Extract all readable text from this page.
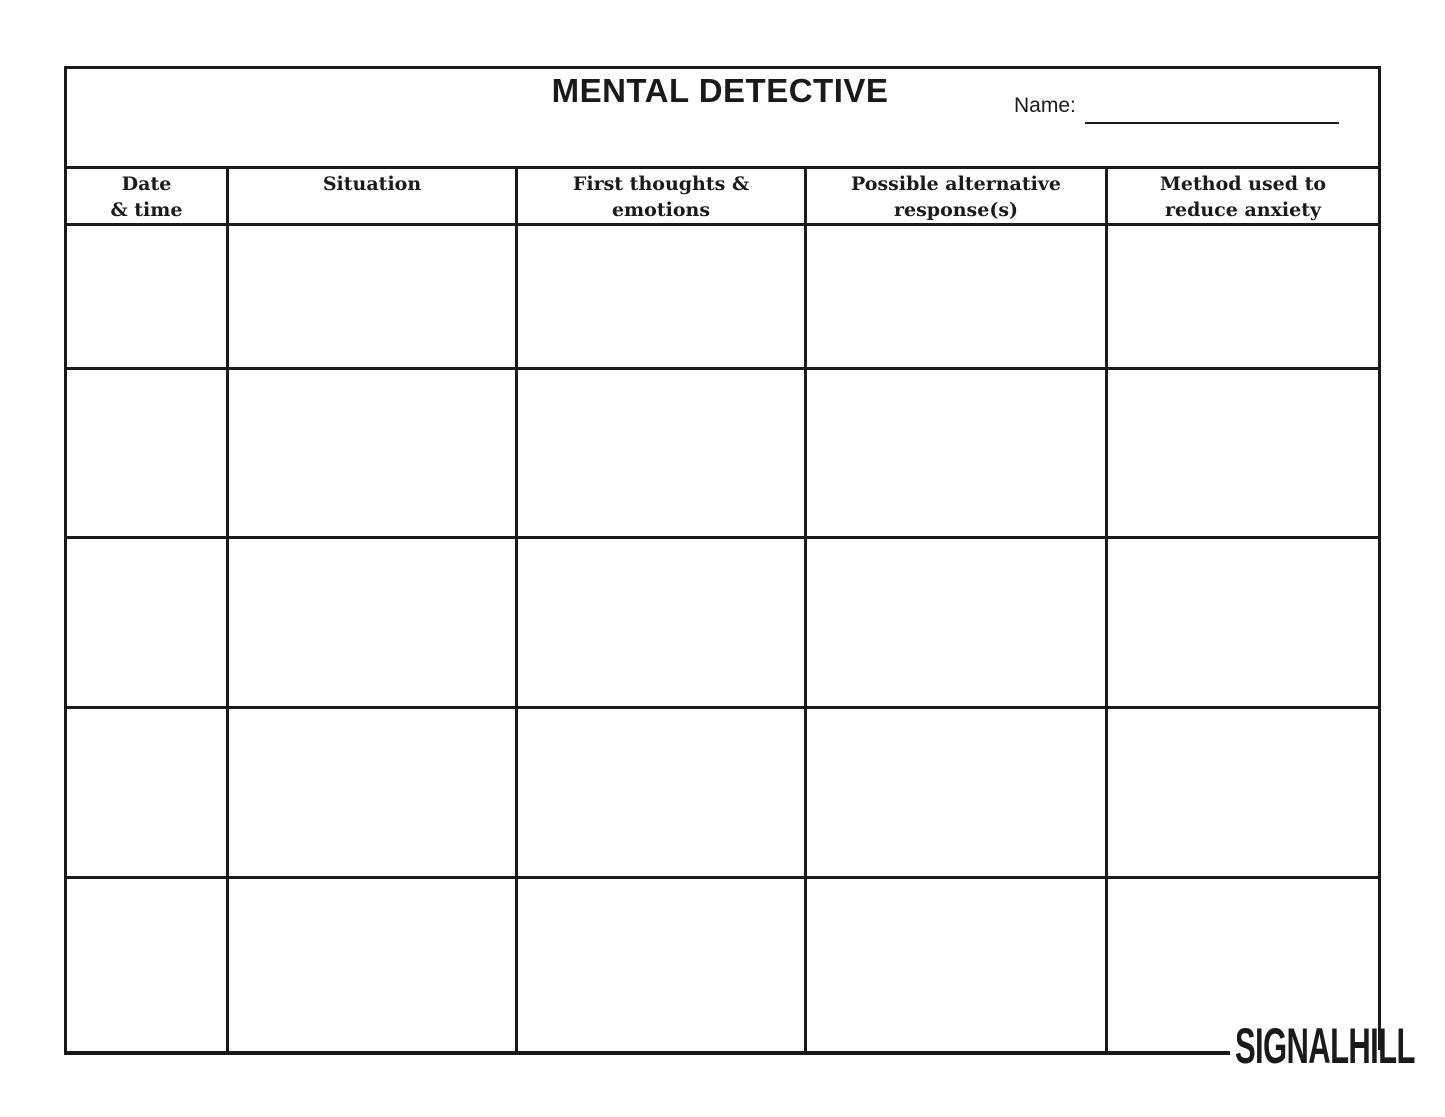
MENTAL DETECTIVE	Name:
Date
& time
Situation	First thoughts &
emotions
Possible alternative
response(s)
Method used to
reduce anxiety
SIGNALHILL
